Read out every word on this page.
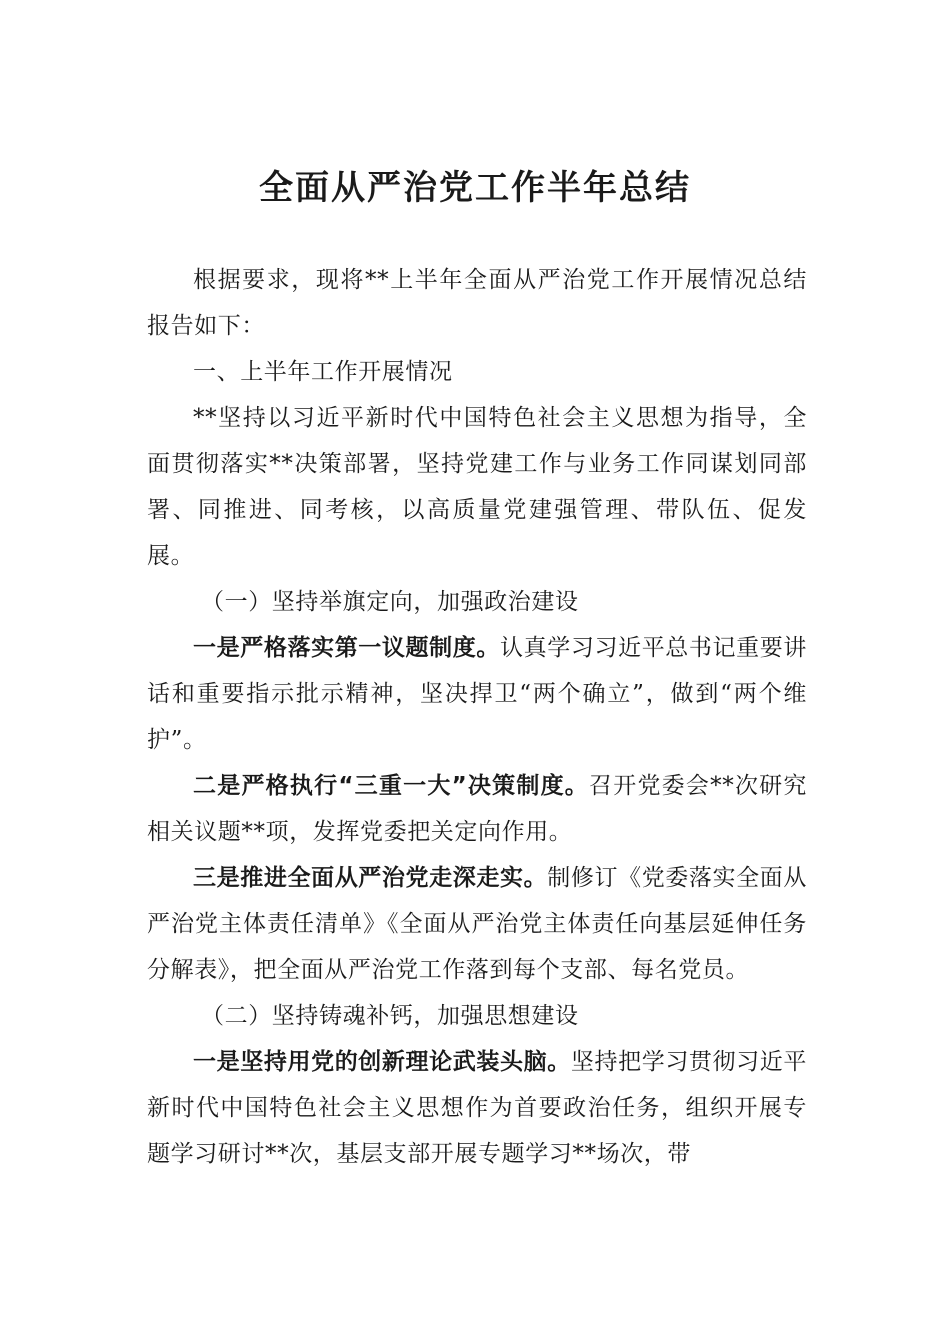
全面从严治党工作半年总结

根据要求，现将**上半年全面从严治党工作开展情况总结报告如下：

一、上半年工作开展情况

**坚持以习近平新时代中国特色社会主义思想为指导，全面贯彻落实**决策部署，坚持党建工作与业务工作同谋划同部署、同推进、同考核，以高质量党建强管理、带队伍、促发展。

（一）坚持举旗定向，加强政治建设

一是严格落实第一议题制度。认真学习习近平总书记重要讲话和重要指示批示精神，坚决捍卫“两个确立”，做到“两个维护”。

二是严格执行“三重一大”决策制度。召开党委会**次研究相关议题**项，发挥党委把关定向作用。

三是推进全面从严治党走深走实。制修订《党委落实全面从严治党主体责任清单》《全面从严治党主体责任向基层延伸任务分解表》，把全面从严治党工作落到每个支部、每名党员。

（二）坚持铸魂补钙，加强思想建设

一是坚持用党的创新理论武装头脑。坚持把学习贯彻习近平新时代中国特色社会主义思想作为首要政治任务，组织开展专题学习研讨**次，基层支部开展专题学习**场次，带
